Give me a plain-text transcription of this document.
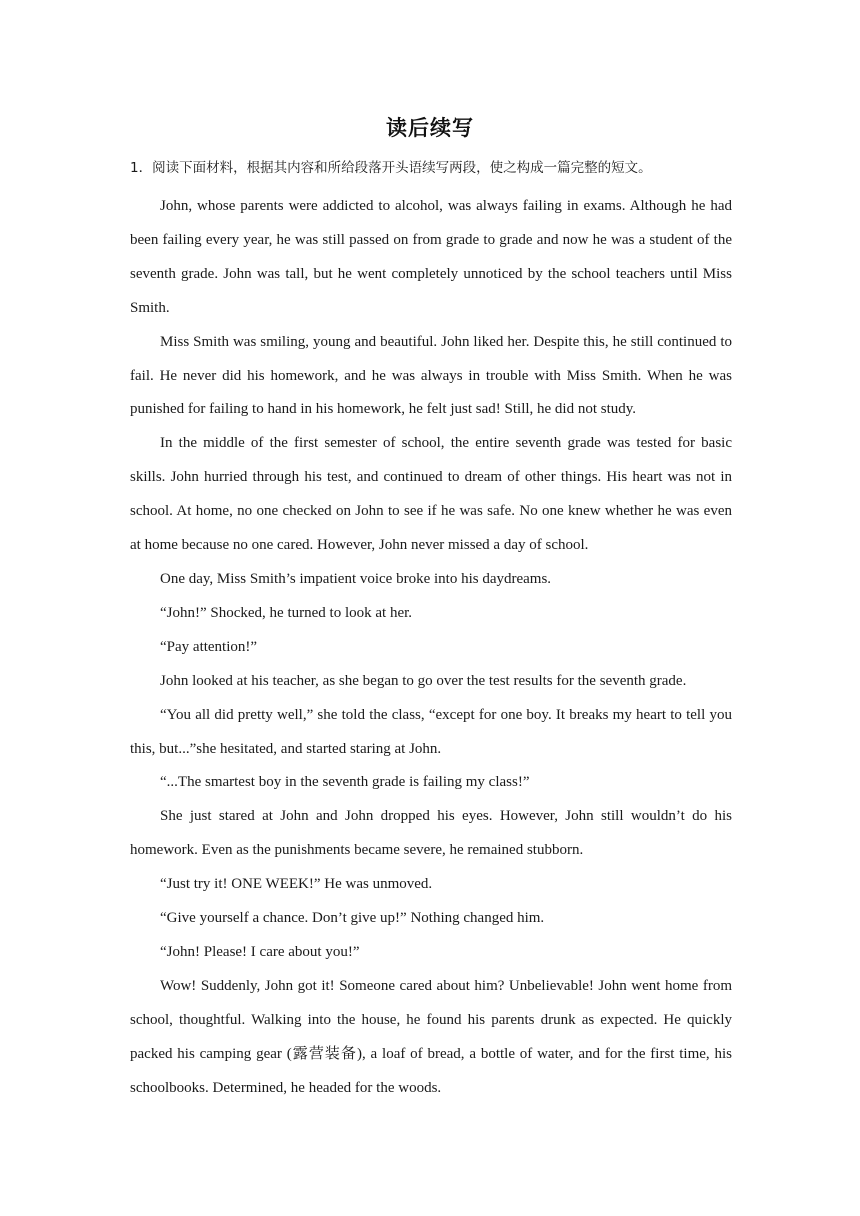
读后续写

1．阅读下面材料，根据其内容和所给段落开头语续写两段，使之构成一篇完整的短文。

John, whose parents were addicted to alcohol, was always failing in exams. Although he had been failing every year, he was still passed on from grade to grade and now he was a student of the seventh grade. John was tall, but he went completely unnoticed by the school teachers until Miss Smith.

Miss Smith was smiling, young and beautiful. John liked her. Despite this, he still continued to fail. He never did his homework, and he was always in trouble with Miss Smith. When he was punished for failing to hand in his homework, he felt just sad! Still, he did not study.

In the middle of the first semester of school, the entire seventh grade was tested for basic skills. John hurried through his test, and continued to dream of other things. His heart was not in school. At home, no one checked on John to see if he was safe. No one knew whether he was even at home because no one cared. However, John never missed a day of school.

One day, Miss Smith’s impatient voice broke into his daydreams.

“John!” Shocked, he turned to look at her.

“Pay attention!”

John looked at his teacher, as she began to go over the test results for the seventh grade.

“You all did pretty well,” she told the class, “except for one boy. It breaks my heart to tell you this, but...”she hesitated, and started staring at John.

“...The smartest boy in the seventh grade is failing my class!”

She just stared at John and John dropped his eyes. However, John still wouldn’t do his homework. Even as the punishments became severe, he remained stubborn.

“Just try it! ONE WEEK!” He was unmoved.

“Give yourself a chance. Don’t give up!” Nothing changed him.

“John! Please! I care about you!”

Wow! Suddenly, John got it! Someone cared about him? Unbelievable! John went home from school, thoughtful. Walking into the house, he found his parents drunk as expected. He quickly packed his camping gear (露营装备), a loaf of bread, a bottle of water, and for the first time, his schoolbooks. Determined, he headed for the woods.
